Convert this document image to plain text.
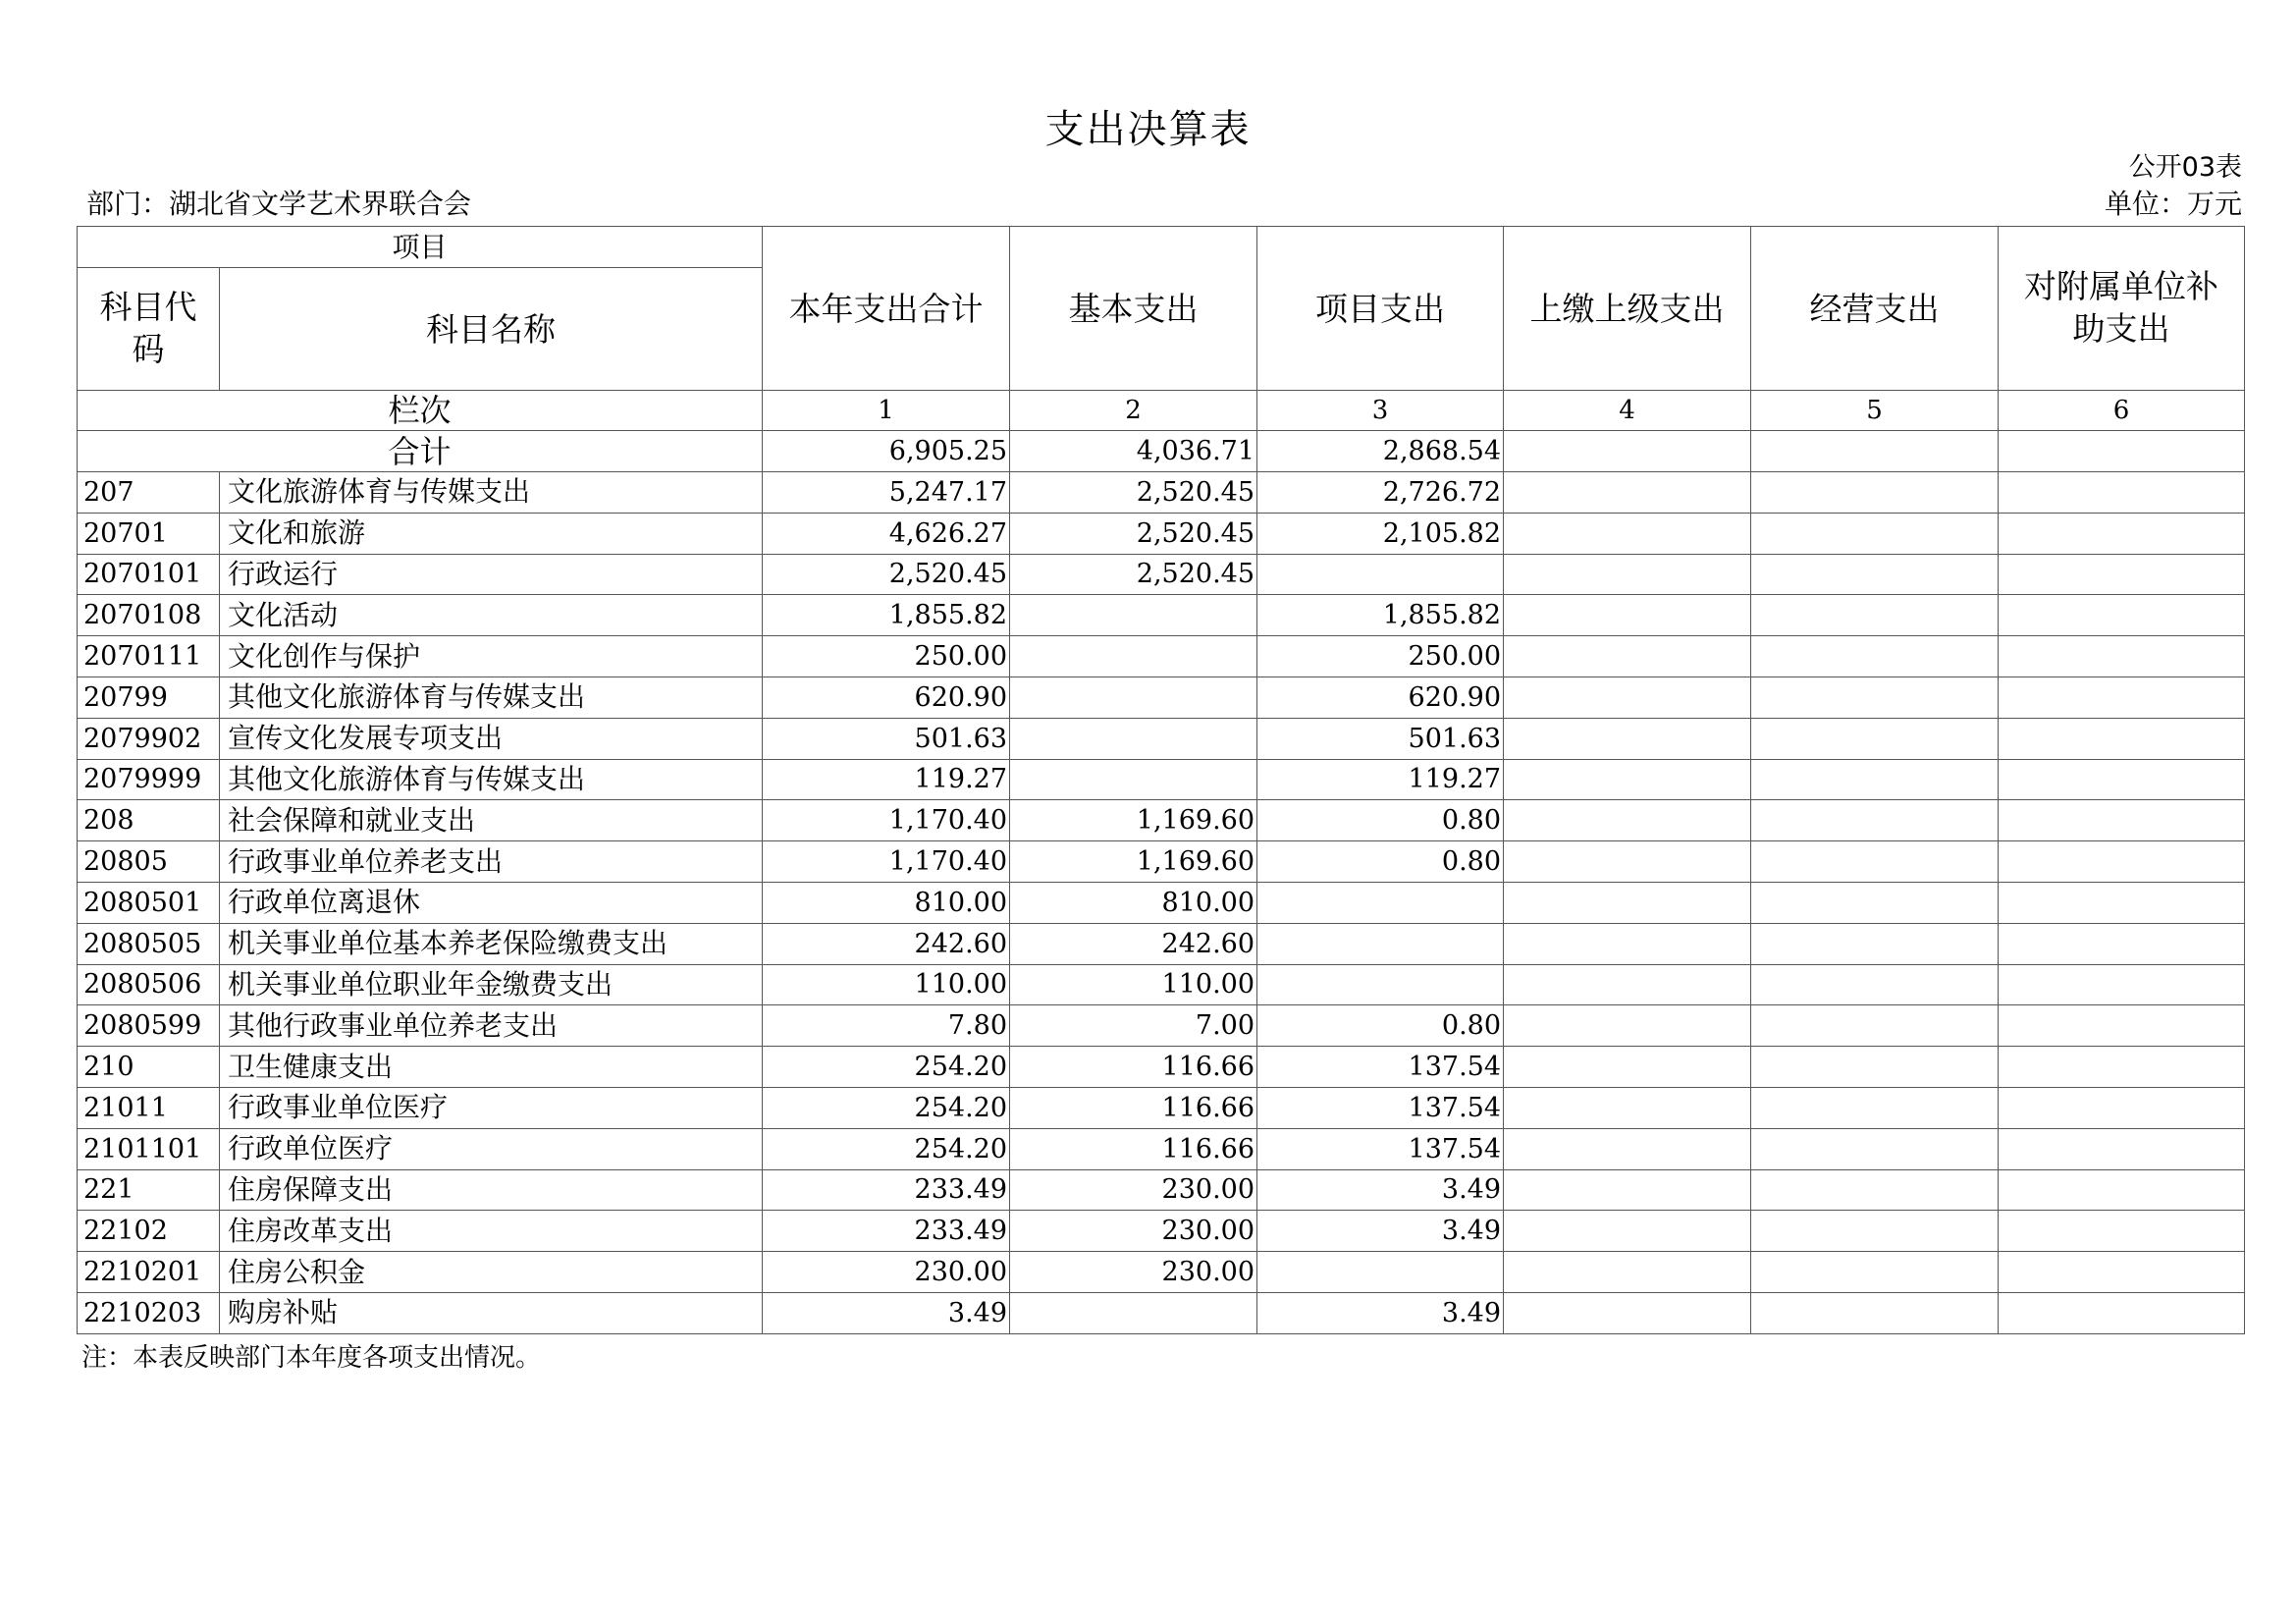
支出决算表
公开03表
部门：湖北省文学艺术界联合会	单位：万元
项目		本年支出合计	基本支出	项目支出	上缴上级支出	经营支出	对附属单位补助支出
科目代码	科目名称						
栏次		1	2	3	4	5	6
合计		6,905.25	4,036.71	2,868.54			
207	文化旅游体育与传媒支出	5,247.17	2,520.45	2,726.72			
20701	文化和旅游	4,626.27	2,520.45	2,105.82			
2070101	行政运行	2,520.45	2,520.45				
2070108	文化活动	1,855.82		1,855.82			
2070111	文化创作与保护	250.00		250.00			
20799	其他文化旅游体育与传媒支出	620.90		620.90			
2079902	宣传文化发展专项支出	501.63		501.63			
2079999	其他文化旅游体育与传媒支出	119.27		119.27			
208	社会保障和就业支出	1,170.40	1,169.60	0.80			
20805	行政事业单位养老支出	1,170.40	1,169.60	0.80			
2080501	行政单位离退休	810.00	810.00				
2080505	机关事业单位基本养老保险缴费支出	242.60	242.60				
2080506	机关事业单位职业年金缴费支出	110.00	110.00				
2080599	其他行政事业单位养老支出	7.80	7.00	0.80			
210	卫生健康支出	254.20	116.66	137.54			
21011	行政事业单位医疗	254.20	116.66	137.54			
2101101	行政单位医疗	254.20	116.66	137.54			
221	住房保障支出	233.49	230.00	3.49			
22102	住房改革支出	233.49	230.00	3.49			
2210201	住房公积金	230.00	230.00				
2210203	购房补贴	3.49		3.49			
注：本表反映部门本年度各项支出情况。
